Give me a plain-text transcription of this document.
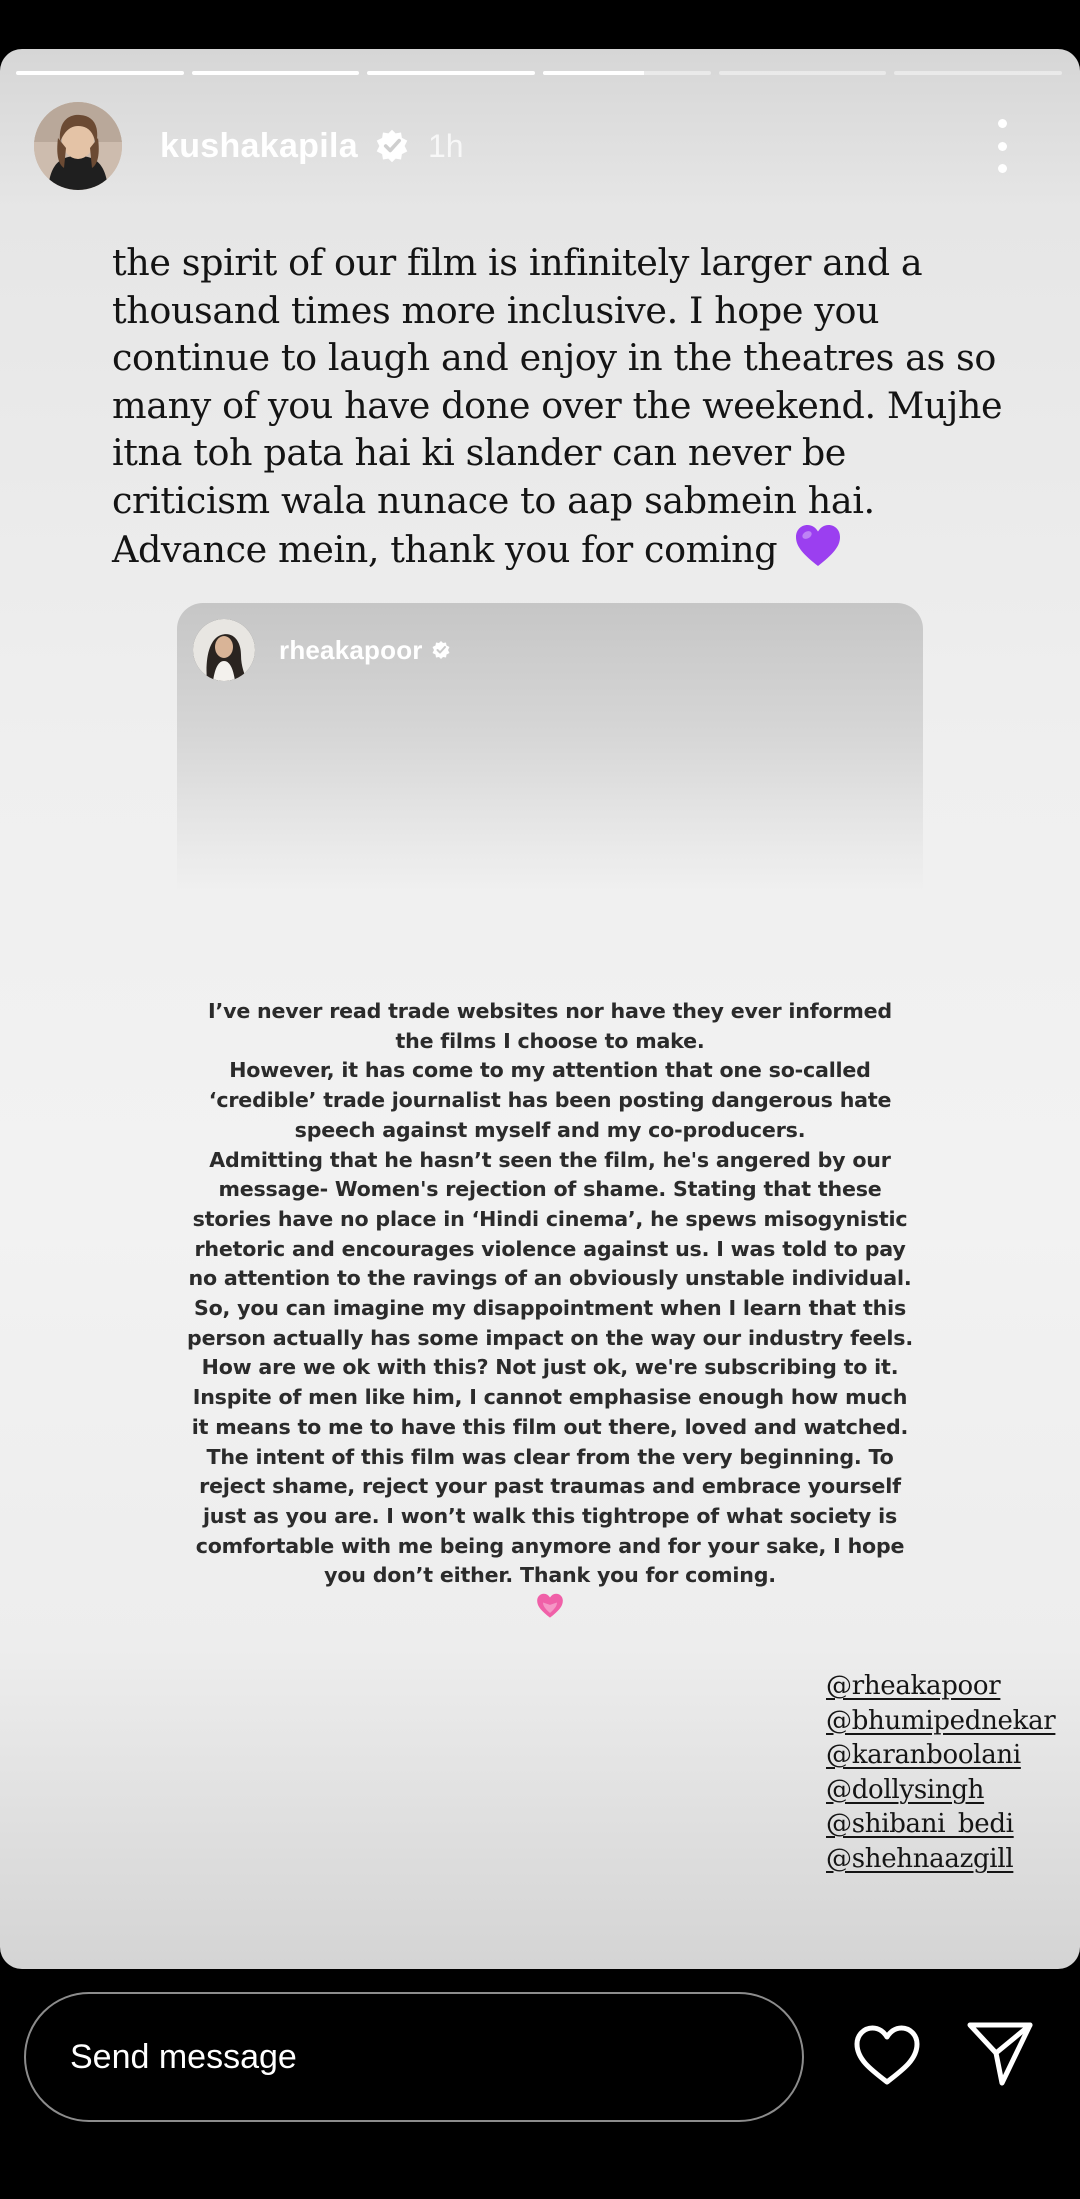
kushakapila 1h
the spirit of our film is infinitely larger and a thousand times more inclusive. I hope you continue to laugh and enjoy in the theatres as so many of you have done over the weekend. Mujhe itna toh pata hai ki slander can never be criticism wala nunace to aap sabmein hai. Advance mein, thank you for coming
rheakapoor

I’ve never read trade websites nor have they ever informed the films I choose to make.

However, it has come to my attention that one so-called ‘credible’ trade journalist has been posting dangerous hate speech against myself and my co-producers.

Admitting that he hasn’t seen the film, he's angered by our message- Women's rejection of shame. Stating that these stories have no place in ‘Hindi cinema’, he spews misogynistic rhetoric and encourages violence against us. I was told to pay no attention to the ravings of an obviously unstable individual. So, you can imagine my disappointment when I learn that this person actually has some impact on the way our industry feels. How are we ok with this? Not just ok, we're subscribing to it.

Inspite of men like him, I cannot emphasise enough how much it means to me to have this film out there, loved and watched. The intent of this film was clear from the very beginning. To reject shame, reject your past traumas and embrace yourself just as you are. I won’t walk this tightrope of what society is comfortable with me being anymore and for your sake, I hope you don’t either. Thank you for coming.

@rheakapoor
@bhumipednekar
@karanboolani
@dollysingh
@shibani_bedi
@shehnaazgill
Send message
